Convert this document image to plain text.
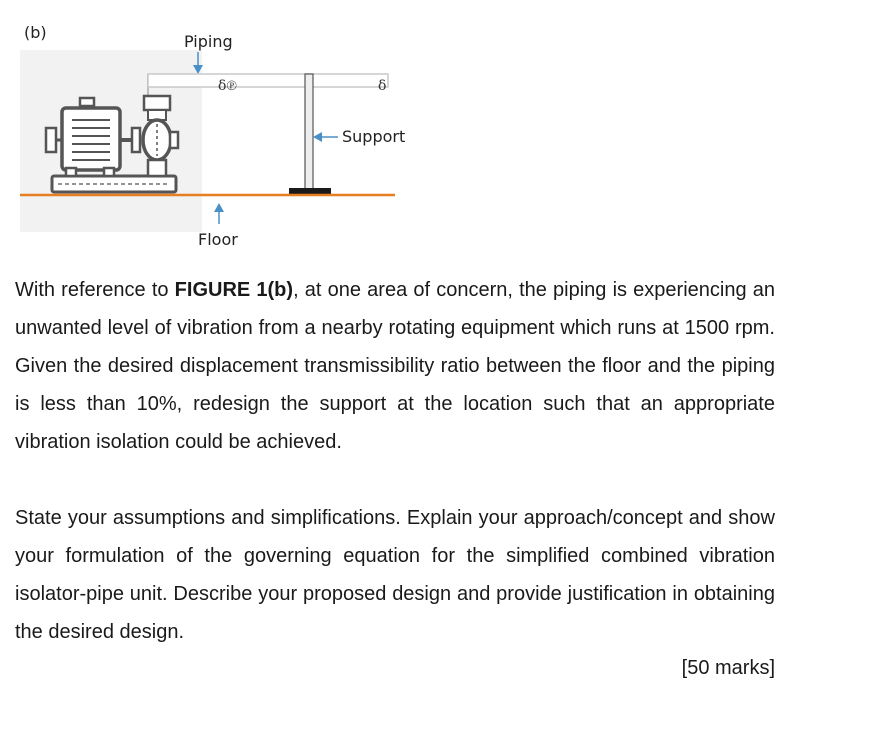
(b)	Piping
δ℗	δ
Support
Floor

With reference to FIGURE 1(b), at one area of concern, the piping is experiencing an unwanted level of vibration from a nearby rotating equipment which runs at 1500 rpm. Given the desired displacement transmissibility ratio between the floor and the piping is less than 10%, redesign the support at the location such that an appropriate vibration isolation could be achieved.

State your assumptions and simplifications. Explain your approach/concept and show your formulation of the governing equation for the simplified combined vibration isolator-pipe unit. Describe your proposed design and provide justification in obtaining the desired design.

[50 marks]
